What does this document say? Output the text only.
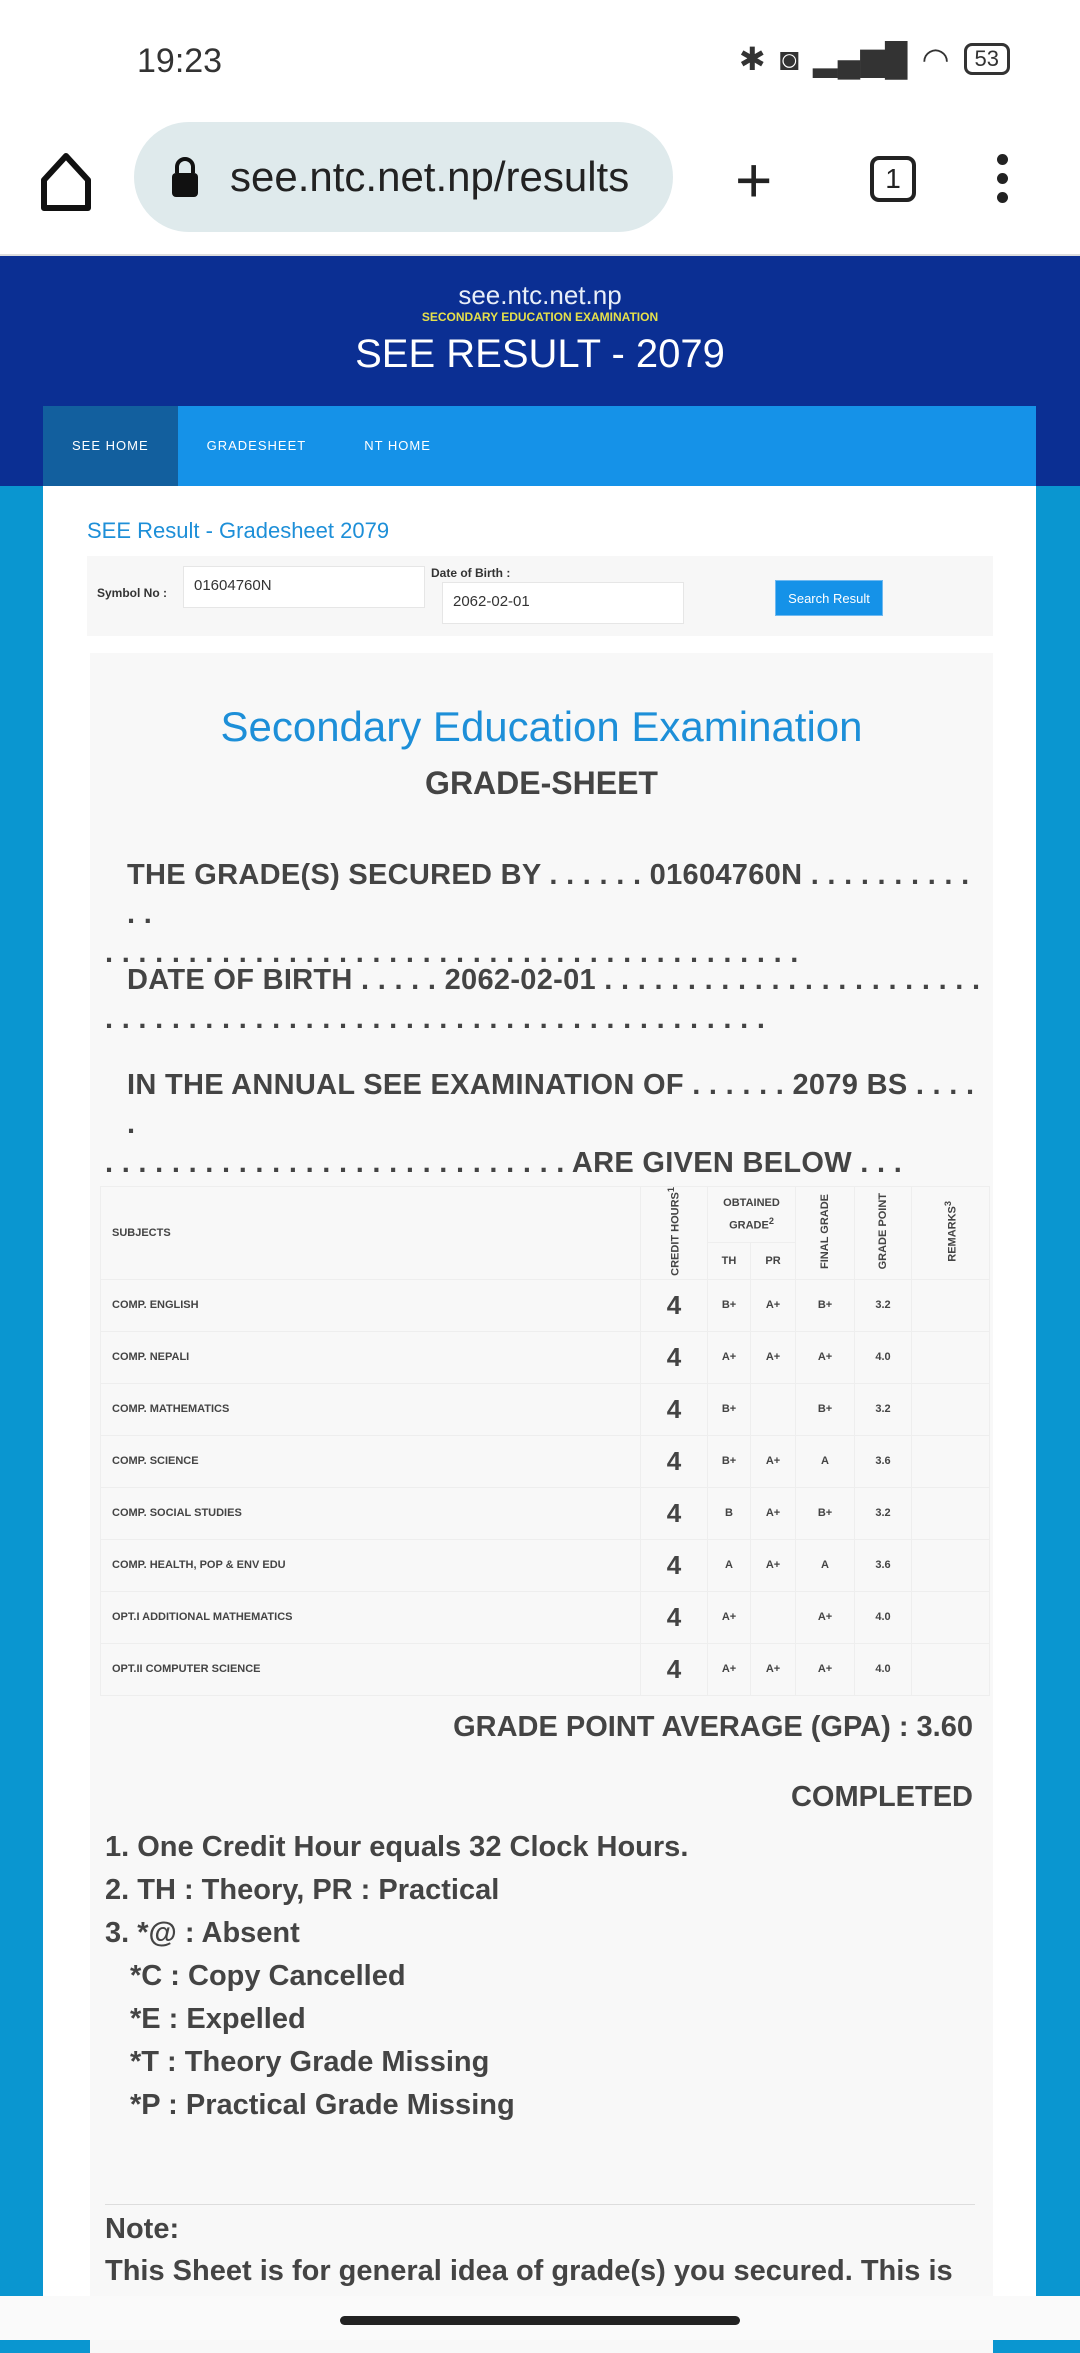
19:23	✱ ◙ ▂▄▆█ ◠	53
see.ntc.net.np/results +	1
see.ntc.net.np
SECONDARY EDUCATION EXAMINATION
SEE RESULT - 2079
SEE HOME	GRADESHEET	NT HOME
SEE Result - Gradesheet 2079
Symbol No :	01604760N
Date of Birth :
2062-02-01	Search Result
Secondary Education Examination
GRADE-SHEET
THE GRADE(S) SECURED BY . . . . . . 01604760N . . . . . . . . . . . .
. . . . . . . . . . . . . . . . . . . . . . . . . . . . . . . . . . . . . . . . . .
DATE OF BIRTH . . . . . 2062-02-01 . . . . . . . . . . . . . . . . . . . . . . .
. . . . . . . . . . . . . . . . . . . . . . . . . . . . . . . . . . . . . . . .
IN THE ANNUAL SEE EXAMINATION OF . . . . . . 2079 BS . . . . .
. . . . . . . . . . . . . . . . . . . . . . . . . . . . ARE GIVEN BELOW . . .
SUBJECTS	CREDIT HOURS$^1$	OBTAINED GRADE$^2$		FINAL GRADE	GRADE POINT	REMARKS$^3$
		TH	PR			
COMP. ENGLISH	4	B+	A+	B+	3.2	
COMP. NEPALI	4	A+	A+	A+	4.0	
COMP. MATHEMATICS	4	B+		B+	3.2	
COMP. SCIENCE	4	B+	A+	A	3.6	
COMP. SOCIAL STUDIES	4	B	A+	B+	3.2	
COMP. HEALTH, POP & ENV EDU	4	A	A+	A	3.6	
OPT.I ADDITIONAL MATHEMATICS	4	A+		A+	4.0	
OPT.II COMPUTER SCIENCE	4	A+	A+	A+	4.0	
GRADE POINT AVERAGE (GPA) : 3.60
COMPLETED
1. One Credit Hour equals 32 Clock Hours.
2. TH : Theory, PR : Practical
3. *@ : Absent
*C : Copy Cancelled
*E : Expelled
*T : Theory Grade Missing
*P : Practical Grade Missing
Note:
This Sheet is for general idea of grade(s) you secured. This is
